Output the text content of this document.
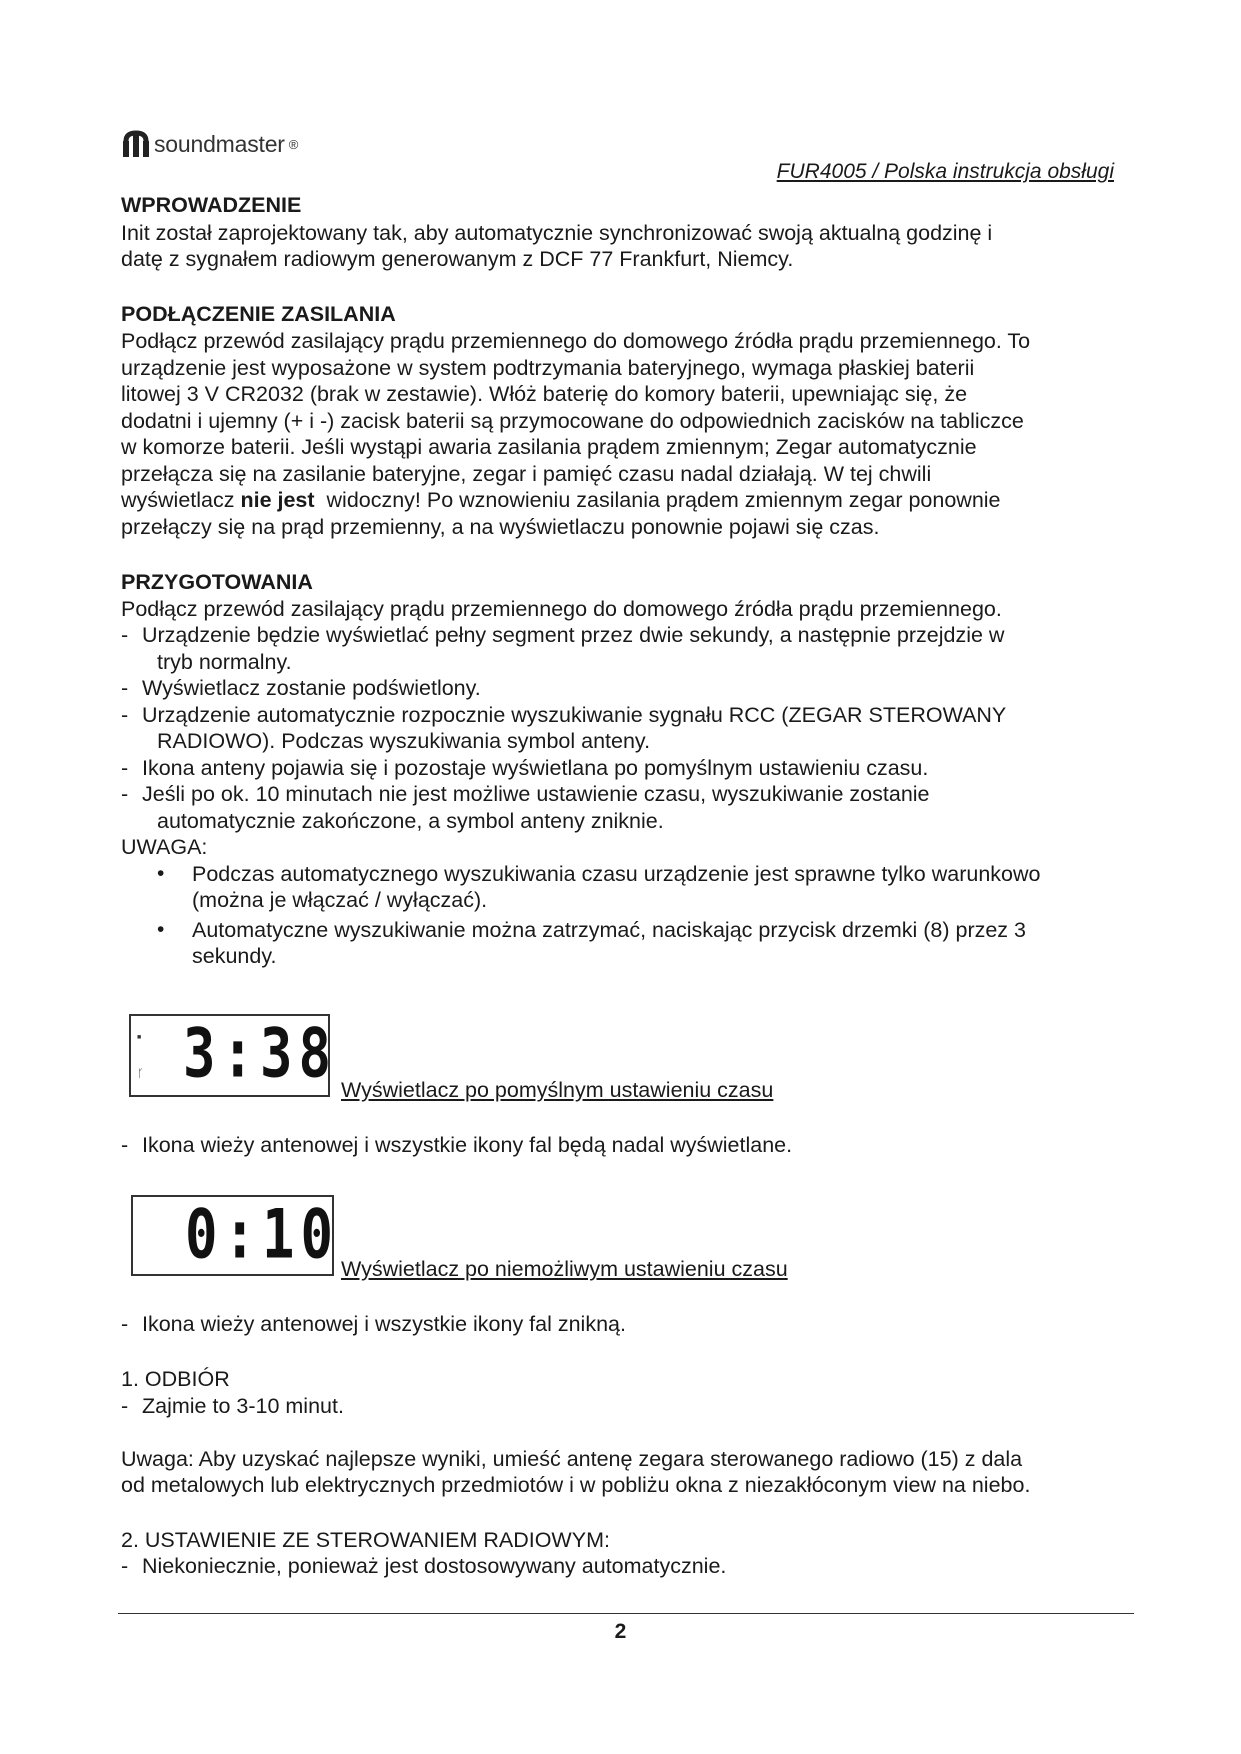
soundmaster ®
FUR4005 / Polska instrukcja obsługi
WPROWADZENIE
Init został zaprojektowany tak, aby automatycznie synchronizować swoją aktualną godzinę i
datę z sygnałem radiowym generowanym z DCF 77 Frankfurt, Niemcy.
PODŁĄCZENIE ZASILANIA
Podłącz przewód zasilający prądu przemiennego do domowego źródła prądu przemiennego. To
urządzenie jest wyposażone w system podtrzymania bateryjnego, wymaga płaskiej baterii
litowej 3 V CR2032 (brak w zestawie). Włóż baterię do komory baterii, upewniając się, że
dodatni i ujemny (+ i -) zacisk baterii są przymocowane do odpowiednich zacisków na tabliczce
w komorze baterii. Jeśli wystąpi awaria zasilania prądem zmiennym; Zegar automatycznie
przełącza się na zasilanie bateryjne, zegar i pamięć czasu nadal działają. W tej chwili
wyświetlacz nie jest  widoczny! Po wznowieniu zasilania prądem zmiennym zegar ponownie
przełączy się na prąd przemienny, a na wyświetlaczu ponownie pojawi się czas.
PRZYGOTOWANIA
Podłącz przewód zasilający prądu przemiennego do domowego źródła prądu przemiennego.
- Urządzenie będzie wyświetlać pełny segment przez dwie sekundy, a następnie przejdzie w
tryb normalny.
- Wyświetlacz zostanie podświetlony.
- Urządzenie automatycznie rozpocznie wyszukiwanie sygnału RCC (ZEGAR STEROWANY
RADIOWO). Podczas wyszukiwania symbol anteny.
- Ikona anteny pojawia się i pozostaje wyświetlana po pomyślnym ustawieniu czasu.
- Jeśli po ok. 10 minutach nie jest możliwe ustawienie czasu, wyszukiwanie zostanie
automatycznie zakończone, a symbol anteny zniknie.
UWAGA:
• Podczas automatycznego wyszukiwania czasu urządzenie jest sprawne tylko warunkowo
(można je włączać / wyłączać).
• Automatyczne wyszukiwanie można zatrzymać, naciskając przycisk drzemki (8) przez 3
sekundy.
■
ᚴ 3:38 Wyświetlacz po pomyślnym ustawieniu czasu
- Ikona wieży antenowej i wszystkie ikony fal będą nadal wyświetlane.
0:10 Wyświetlacz po niemożliwym ustawieniu czasu
- Ikona wieży antenowej i wszystkie ikony fal znikną.
1. ODBIÓR
- Zajmie to 3-10 minut.
Uwaga: Aby uzyskać najlepsze wyniki, umieść antenę zegara sterowanego radiowo (15) z dala
od metalowych lub elektrycznych przedmiotów i w pobliżu okna z niezakłóconym view na niebo.
2. USTAWIENIE ZE STEROWANIEM RADIOWYM:
- Niekoniecznie, ponieważ jest dostosowywany automatycznie.
2
